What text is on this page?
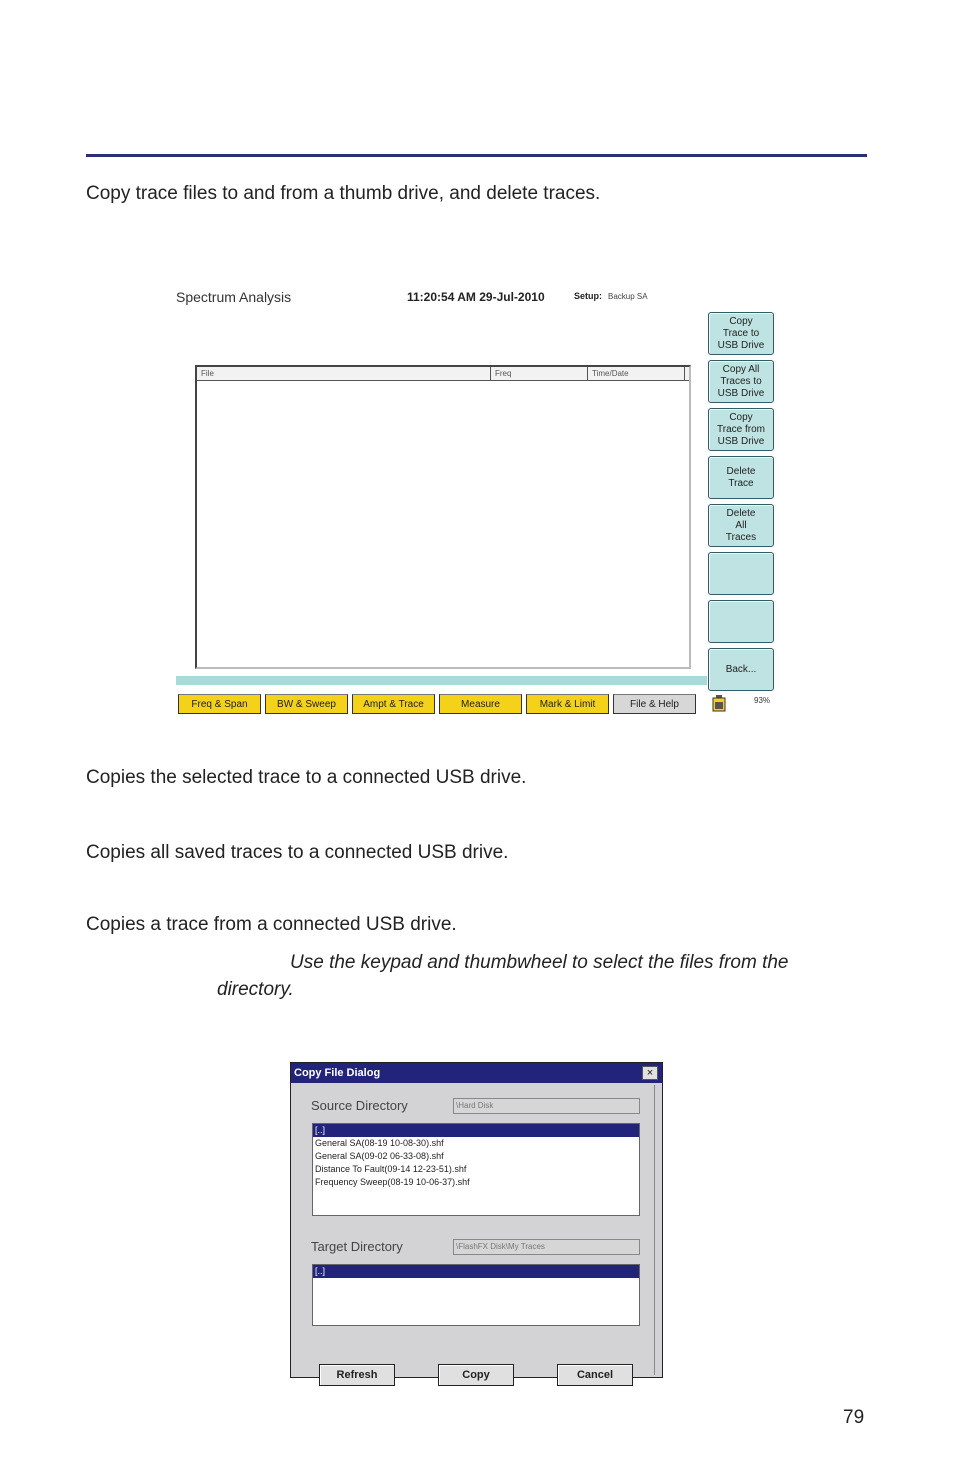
Copy trace files to and from a thumb drive, and delete traces.
Spectrum Analysis	11:20:54 AM 29-Jul-2010	Setup: Backup SA
File	Freq	Time/Date
Copy
Trace to
USB Drive
Copy All
Traces to
USB Drive
Copy
Trace from
USB Drive
Delete
Trace
Delete
All
Traces
Back...
Freq & Span	BW & Sweep	Ampt & Trace	Measure	Mark & Limit	File & Help	93%
Copies the selected trace to a connected USB drive.
Copies all saved traces to a connected USB drive.
Copies a trace from a connected USB drive.
Use the keypad and thumbwheel to select the files from the
directory.
Copy File Dialog	×
Source Directory	\Hard Disk
[..]
General SA(08-19 10-08-30).shf
General SA(09-02 06-33-08).shf
Distance To Fault(09-14 12-23-51).shf
Frequency Sweep(08-19 10-06-37).shf
Target Directory	\FlashFX Disk\My Traces
[..]
Refresh	Copy	Cancel
79
